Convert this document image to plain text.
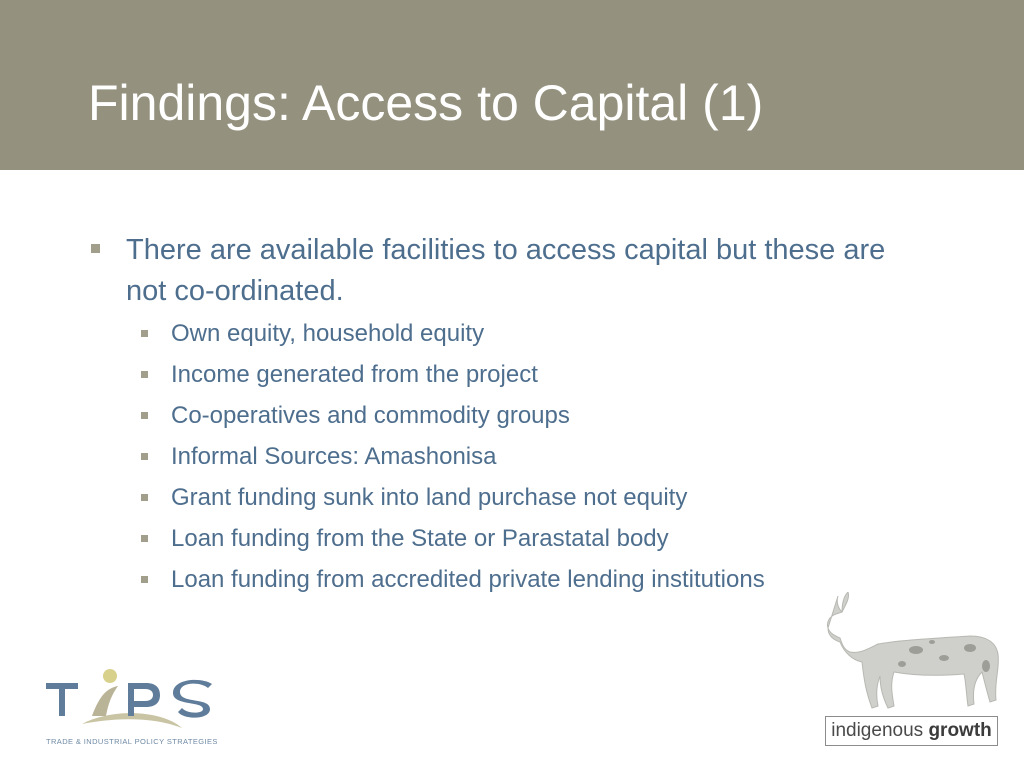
Findings: Access to Capital (1)
There are available facilities to access capital but these are not co-ordinated.
Own equity, household equity
Income generated from the project
Co-operatives and commodity groups
Informal Sources: Amashonisa
Grant funding sunk into land purchase not equity
Loan funding from the State or Parastatal body
Loan funding from accredited private lending institutions
TRADE & INDUSTRIAL POLICY STRATEGIES
indigenous growth
